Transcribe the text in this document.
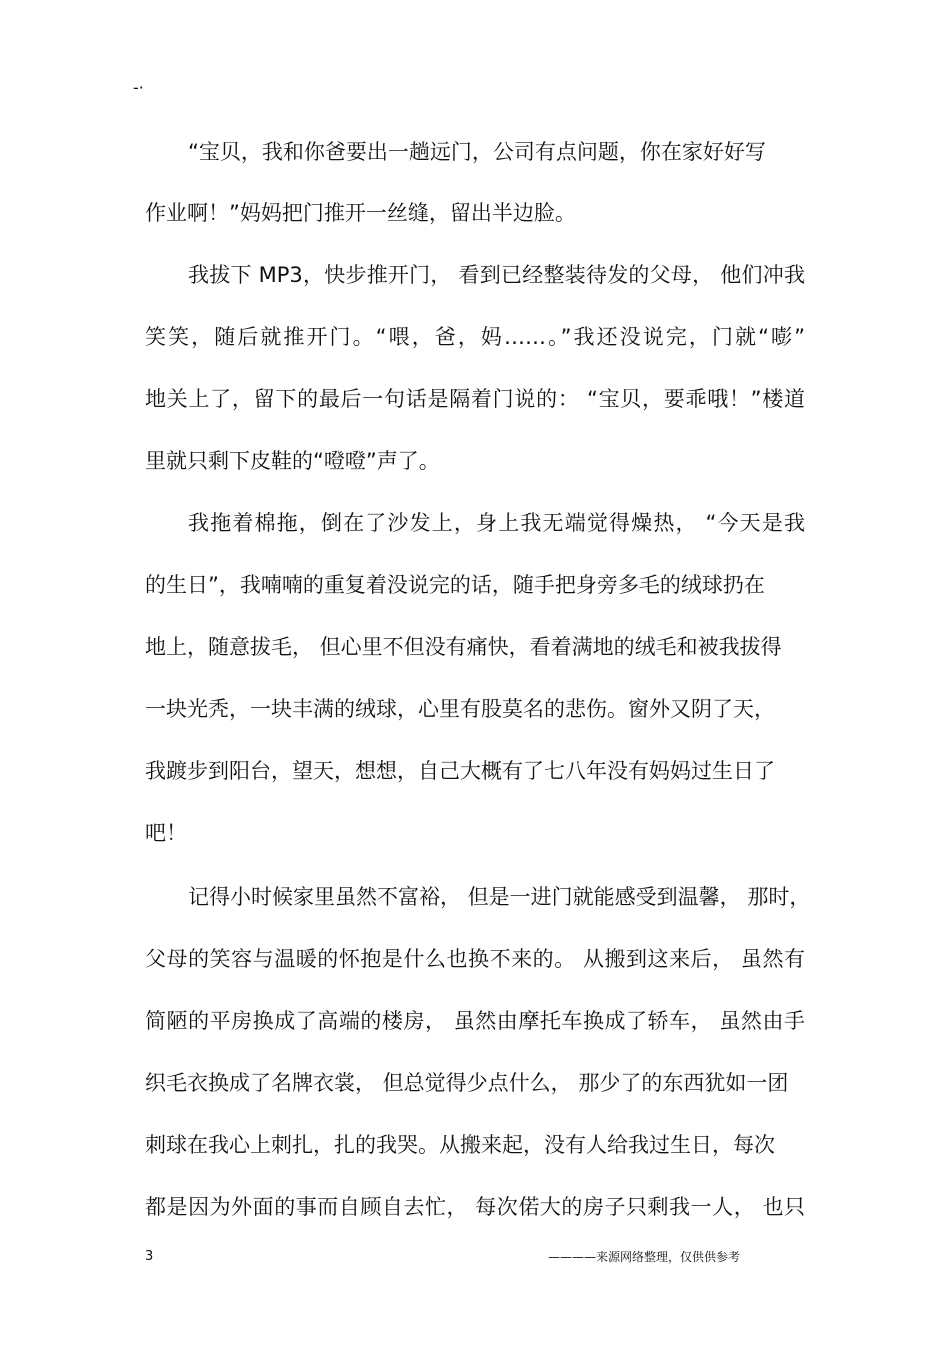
-·
“宝贝，我和你爸要出一趟远门，公司有点问题，你在家好好写
作业啊！”妈妈把门推开一丝缝，留出半边脸。
我拔下 MP3，快步推开门， 看到已经整装待发的父母， 他们冲我
笑笑，随后就推开门。“喂，爸，妈……。”我还没说完，门就“嘭”
地关上了，留下的最后一句话是隔着门说的： “宝贝，要乖哦！”楼道
里就只剩下皮鞋的“噔噔”声了。
我拖着棉拖，倒在了沙发上，身上我无端觉得燥热， “今天是我
的生日”，我喃喃的重复着没说完的话，随手把身旁多毛的绒球扔在
地上，随意拔毛， 但心里不但没有痛快，看着满地的绒毛和被我拔得
一块光秃，一块丰满的绒球，心里有股莫名的悲伤。窗外又阴了天，
我踱步到阳台，望天，想想，自己大概有了七八年没有妈妈过生日了
吧！
记得小时候家里虽然不富裕， 但是一进门就能感受到温馨， 那时，
父母的笑容与温暖的怀抱是什么也换不来的。 从搬到这来后， 虽然有
简陋的平房换成了高端的楼房， 虽然由摩托车换成了轿车， 虽然由手
织毛衣换成了名牌衣裳， 但总觉得少点什么， 那少了的东西犹如一团
刺球在我心上刺扎，扎的我哭。从搬来起，没有人给我过生日，每次
都是因为外面的事而自顾自去忙， 每次偌大的房子只剩我一人， 也只
3	————来源网络整理，仅供供参考
